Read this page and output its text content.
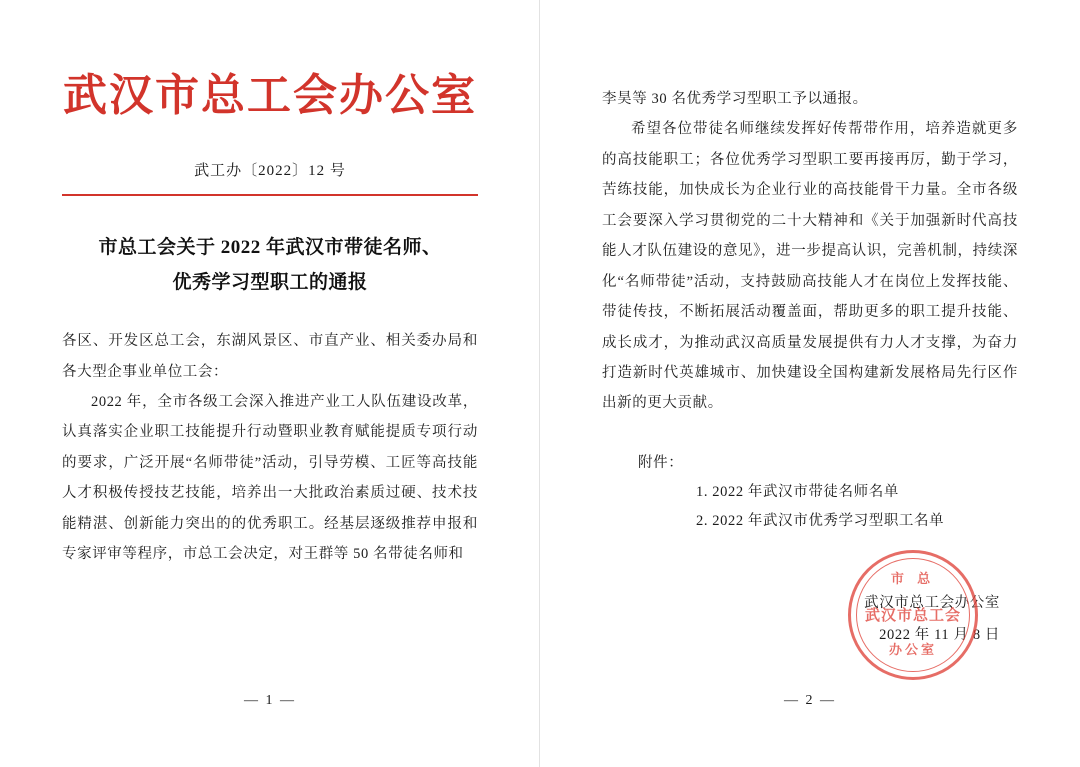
武汉市总工会办公室
武工办〔2022〕12 号
市总工会关于 2022 年武汉市带徒名师、
优秀学习型职工的通报

各区、开发区总工会，东湖风景区、市直产业、相关委办局和各大型企事业单位工会：

2022 年，全市各级工会深入推进产业工人队伍建设改革，认真落实企业职工技能提升行动暨职业教育赋能提质专项行动的要求，广泛开展“名师带徒”活动，引导劳模、工匠等高技能人才积极传授技艺技能，培养出一大批政治素质过硬、技术技能精湛、创新能力突出的的优秀职工。经基层逐级推荐申报和专家评审等程序，市总工会决定，对王群等 50 名带徒名师和

— 1 —

李昊等 30 名优秀学习型职工予以通报。

希望各位带徒名师继续发挥好传帮带作用，培养造就更多的高技能职工；各位优秀学习型职工要再接再厉，勤于学习，苦练技能，加快成长为企业行业的高技能骨干力量。全市各级工会要深入学习贯彻党的二十大精神和《关于加强新时代高技能人才队伍建设的意见》，进一步提高认识，完善机制，持续深化“名师带徒”活动，支持鼓励高技能人才在岗位上发挥技能、带徒传技，不断拓展活动覆盖面，帮助更多的职工提升技能、成长成才，为推动武汉高质量发展提供有力人才支撑，为奋力打造新时代英雄城市、加快建设全国构建新发展格局先行区作出新的更大贡献。

附件：
1. 2022 年武汉市带徒名师名单
2. 2022 年武汉市优秀学习型职工名单
市 总
武汉市总工会
办公室
武汉市总工会办公室
2022 年 11 月 8 日
— 2 —
